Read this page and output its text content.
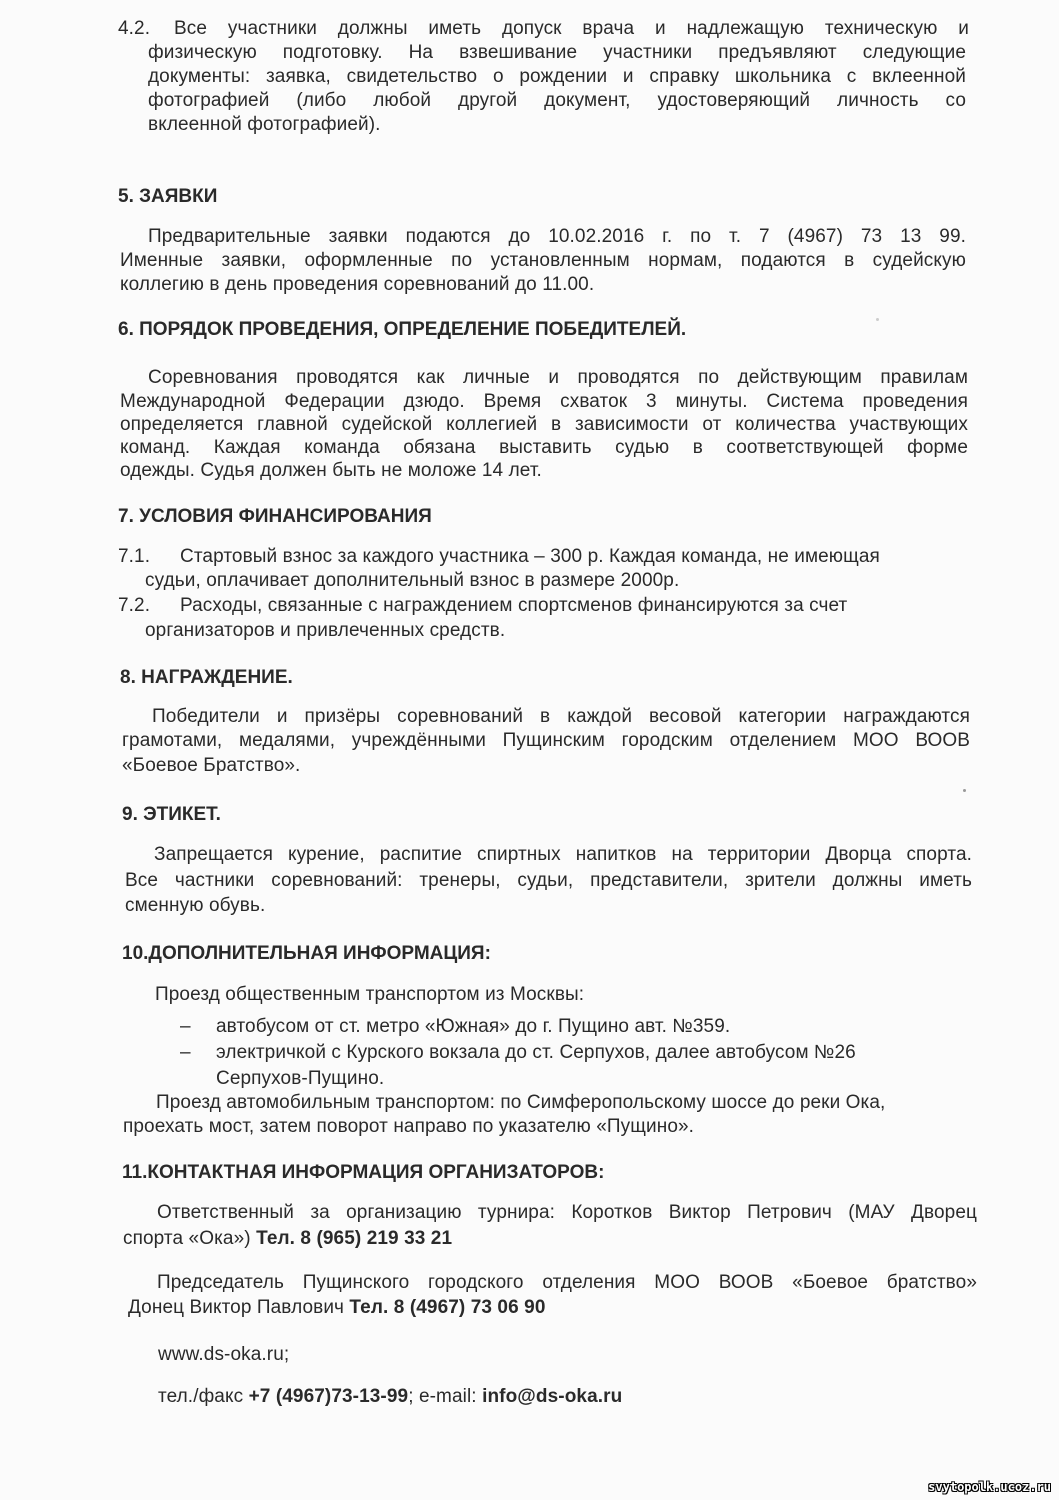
4.2. Все участники должны иметь допуск врача и надлежащую техническую и
физическую подготовку. На взвешивание участники предъявляют следующие
документы: заявка, свидетельство о рождении и справку школьника с вклеенной
фотографией (либо любой другой документ, удостоверяющий личность со
вклеенной фотографией).
5. ЗАЯВКИ
Предварительные заявки подаются до 10.02.2016 г. по т. 7 (4967) 73 13 99.
Именные заявки, оформленные по установленным нормам, подаются в судейскую
коллегию в день проведения соревнований до 11.00.
6. ПОРЯДОК ПРОВЕДЕНИЯ, ОПРЕДЕЛЕНИЕ ПОБЕДИТЕЛЕЙ.
Соревнования проводятся как личные и проводятся по действующим правилам
Международной Федерации дзюдо. Время схваток 3 минуты. Система проведения
определяется главной судейской коллегией в зависимости от количества участвующих
команд. Каждая команда обязана выставить судью в соответствующей форме
одежды. Судья должен быть не моложе 14 лет.
7. УСЛОВИЯ ФИНАНСИРОВАНИЯ
7.1. Стартовый взнос за каждого участника – 300 р. Каждая команда, не имеющая
судьи, оплачивает дополнительный взнос в размере 2000р.
7.2. Расходы, связанные с награждением спортсменов финансируются за счет
организаторов и привлеченных средств.
8. НАГРАЖДЕНИЕ.
Победители и призёры соревнований в каждой весовой категории награждаются
грамотами, медалями, учреждёнными Пущинским городским отделением МОО ВООВ
«Боевое Братство».
9. ЭТИКЕТ.
Запрещается курение, распитие спиртных напитков на территории Дворца спорта.
Все частники соревнований: тренеры, судьи, представители, зрители должны иметь
сменную обувь.
10.ДОПОЛНИТЕЛЬНАЯ ИНФОРМАЦИЯ:
Проезд общественным транспортом из Москвы:
– автобусом от ст. метро «Южная» до г. Пущино авт. №359.
– электричкой с Курского вокзала до ст. Серпухов, далее автобусом №26
Серпухов-Пущино.
Проезд автомобильным транспортом: по Симферопольскому шоссе до реки Ока,
проехать мост, затем поворот направо по указателю «Пущино».
11.КОНТАКТНАЯ ИНФОРМАЦИЯ ОРГАНИЗАТОРОВ:
Ответственный за организацию турнира: Коротков Виктор Петрович (МАУ Дворец
спорта «Ока») Тел. 8 (965) 219 33 21
Председатель Пущинского городского отделения МОО ВООВ «Боевое братство»
Донец Виктор Павлович Тел. 8 (4967) 73 06 90
www.ds-oka.ru;
тел./факс +7 (4967)73-13-99; e-mail: info@ds-oka.ru
svytopolk.ucoz.ru
